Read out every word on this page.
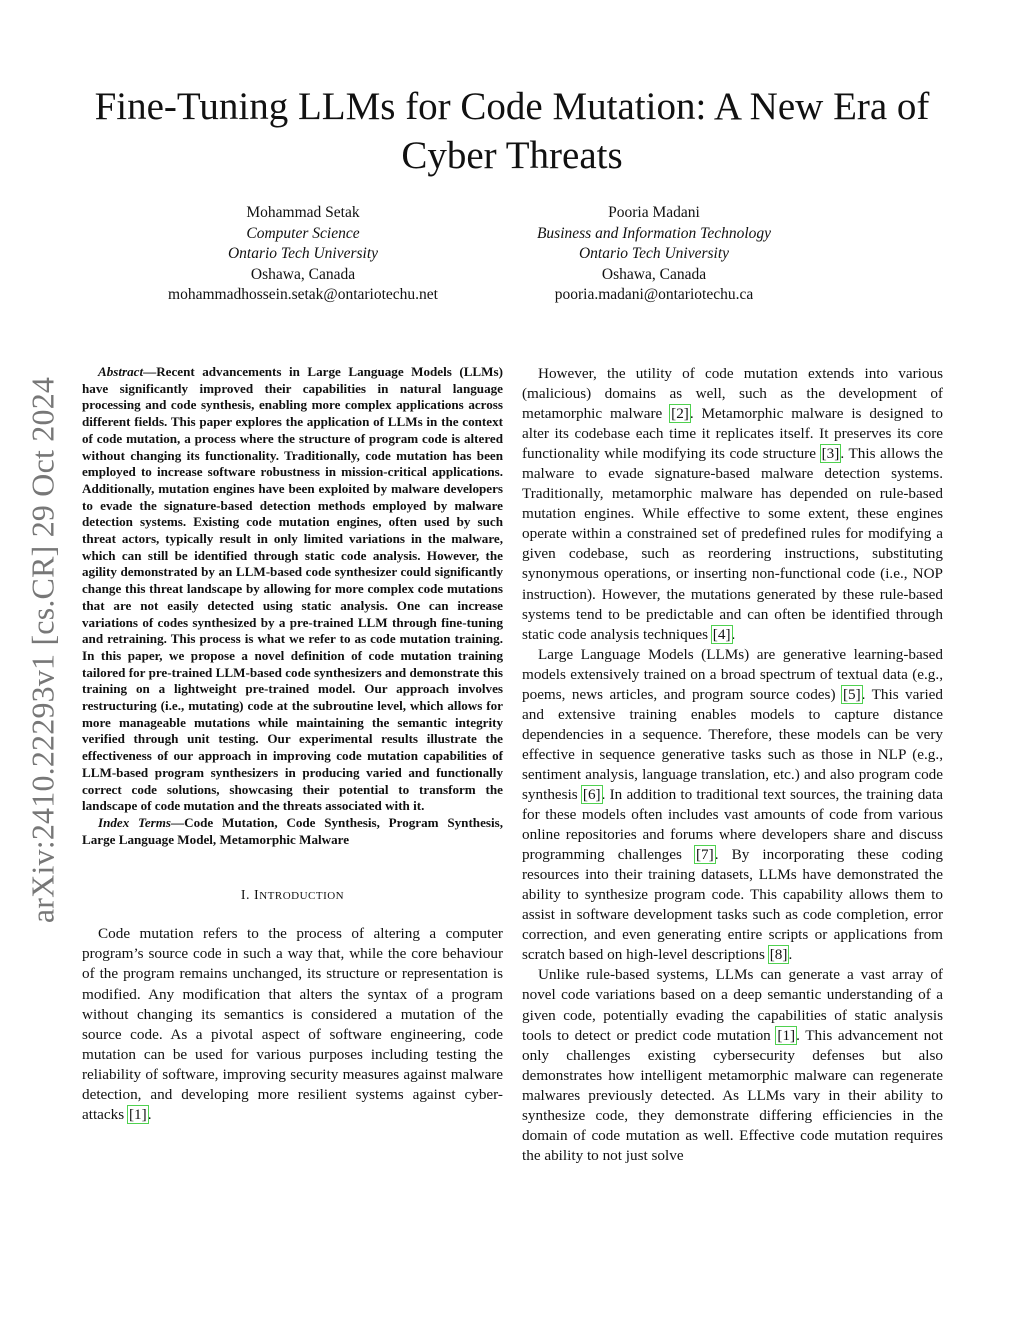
Fine-Tuning LLMs for Code Mutation: A New Era of Cyber Threats
Mohammad Setak
Computer Science
Ontario Tech University
Oshawa, Canada
mohammadhossein.setak@ontariotechu.net
Pooria Madani
Business and Information Technology
Ontario Tech University
Oshawa, Canada
pooria.madani@ontariotechu.ca
arXiv:2410.22293v1 [cs.CR] 29 Oct 2024

Abstract—Recent advancements in Large Language Models (LLMs) have significantly improved their capabilities in natural language processing and code synthesis, enabling more complex applications across different fields. This paper explores the application of LLMs in the context of code mutation, a process where the structure of program code is altered without changing its functionality. Traditionally, code mutation has been employed to increase software robustness in mission-critical applications. Additionally, mutation engines have been exploited by malware developers to evade the signature-based detection methods employed by malware detection systems. Existing code mutation engines, often used by such threat actors, typically result in only limited variations in the malware, which can still be identified through static code analysis. However, the agility demonstrated by an LLM-based code synthesizer could significantly change this threat landscape by allowing for more complex code mutations that are not easily detected using static analysis. One can increase variations of codes synthesized by a pre-trained LLM through fine-tuning and retraining. This process is what we refer to as code mutation training. In this paper, we propose a novel definition of code mutation training tailored for pre-trained LLM-based code synthesizers and demonstrate this training on a lightweight pre-trained model. Our approach involves restructuring (i.e., mutating) code at the subroutine level, which allows for more manageable mutations while maintaining the semantic integrity verified through unit testing. Our experimental results illustrate the effectiveness of our approach in improving code mutation capabilities of LLM-based program synthesizers in producing varied and functionally correct code solutions, showcasing their potential to transform the landscape of code mutation and the threats associated with it.

Index Terms—Code Mutation, Code Synthesis, Program Synthesis, Large Language Model, Metamorphic Malware

I. INTRODUCTION

Code mutation refers to the process of altering a computer program’s source code in such a way that, while the core behaviour of the program remains unchanged, its structure or representation is modified. Any modification that alters the syntax of a program without changing its semantics is considered a mutation of the source code. As a pivotal aspect of software engineering, code mutation can be used for various purposes including testing the reliability of software, improving security measures against malware detection, and developing more resilient systems against cyber-attacks [1].

However, the utility of code mutation extends into various (malicious) domains as well, such as the development of metamorphic malware [2]. Metamorphic malware is designed to alter its codebase each time it replicates itself. It preserves its core functionality while modifying its code structure [3]. This allows the malware to evade signature-based malware detection systems. Traditionally, metamorphic malware has depended on rule-based mutation engines. While effective to some extent, these engines operate within a constrained set of predefined rules for modifying a given codebase, such as reordering instructions, substituting synonymous operations, or inserting non-functional code (i.e., NOP instruction). However, the mutations generated by these rule-based systems tend to be predictable and can often be identified through static code analysis techniques [4].

Large Language Models (LLMs) are generative learning-based models extensively trained on a broad spectrum of textual data (e.g., poems, news articles, and program source codes) [5]. This varied and extensive training enables models to capture distance dependencies in a sequence. Therefore, these models can be very effective in sequence generative tasks such as those in NLP (e.g., sentiment analysis, language translation, etc.) and also program code synthesis [6]. In addition to traditional text sources, the training data for these models often includes vast amounts of code from various online repositories and forums where developers share and discuss programming challenges [7]. By incorporating these coding resources into their training datasets, LLMs have demonstrated the ability to synthesize program code. This capability allows them to assist in software development tasks such as code completion, error correction, and even generating entire scripts or applications from scratch based on high-level descriptions [8].

Unlike rule-based systems, LLMs can generate a vast array of novel code variations based on a deep semantic understanding of a given code, potentially evading the capabilities of static analysis tools to detect or predict code mutation [1]. This advancement not only challenges existing cybersecurity defenses but also demonstrates how intelligent metamorphic malware can regenerate malwares previously detected. As LLMs vary in their ability to synthesize code, they demonstrate differing efficiencies in the domain of code mutation as well. Effective code mutation requires the ability to not just solve
